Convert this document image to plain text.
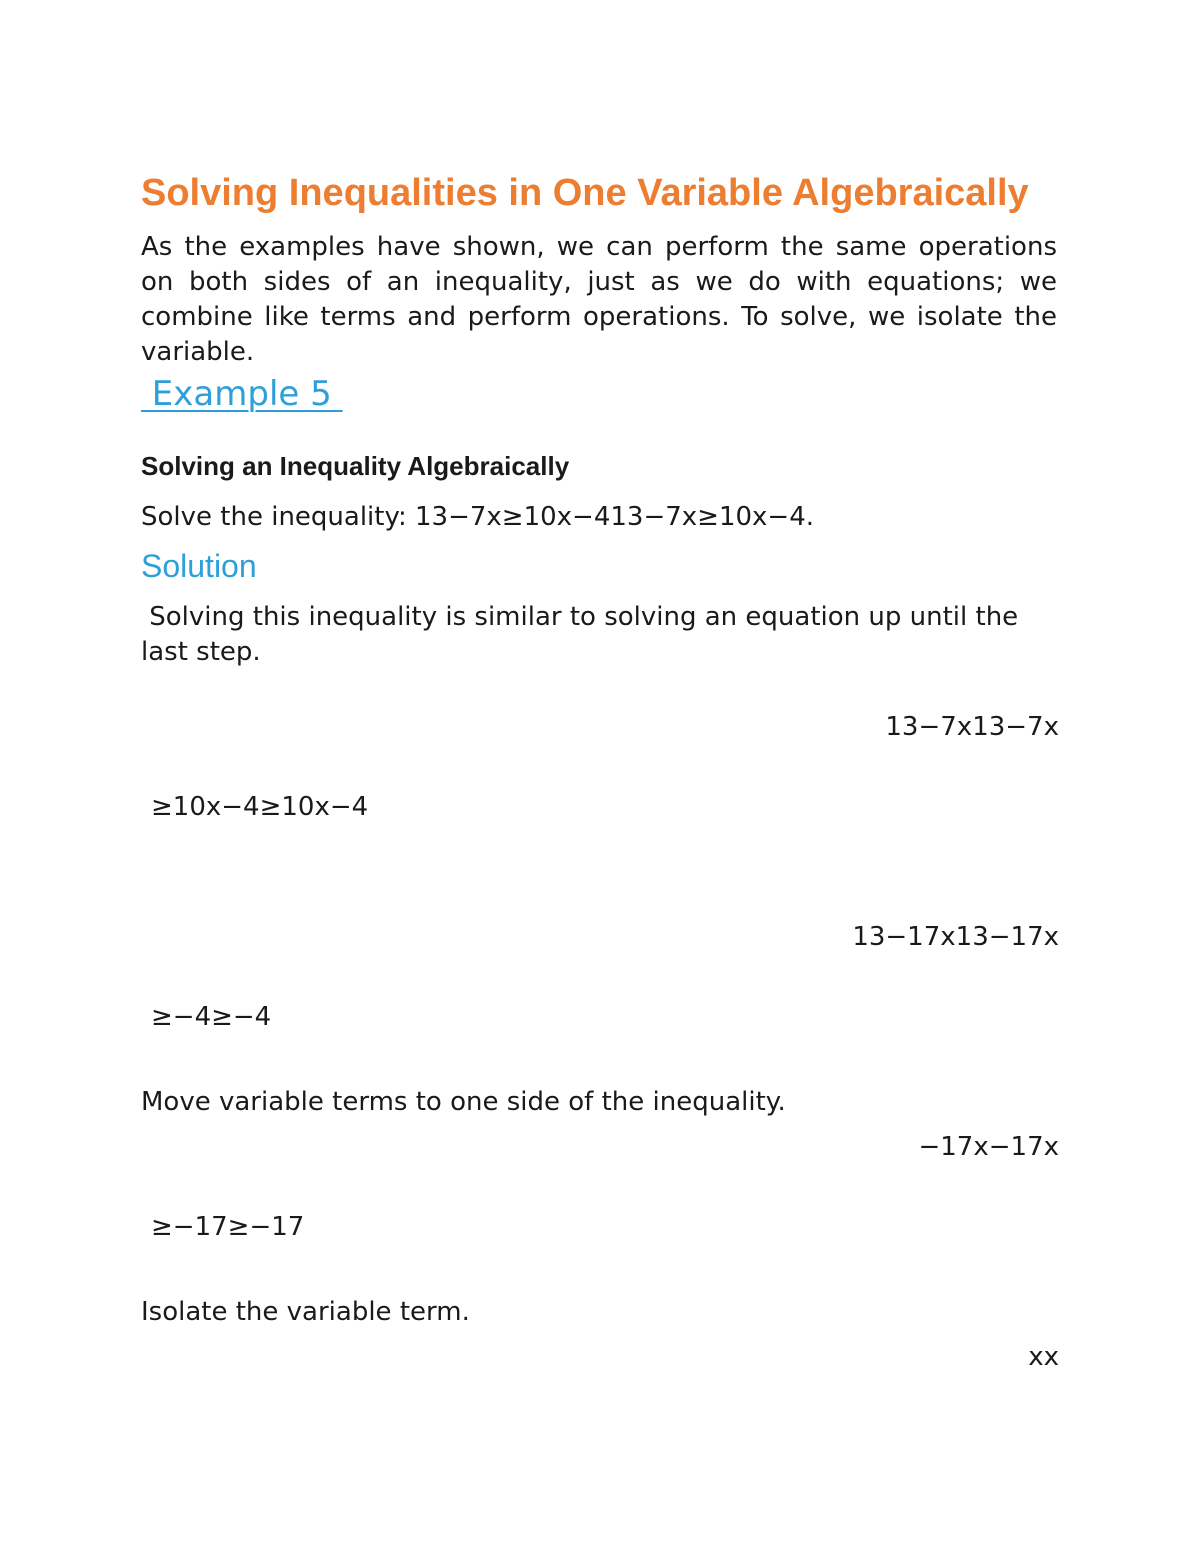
Solving Inequalities in One Variable Algebraically

As the examples have shown, we can perform the same operations on both sides of an inequality, just as we do with equations; we combine like terms and perform operations. To solve, we isolate the variable.

Example 5
Solving an Inequality Algebraically
Solve the inequality: 13−7x≥10x−413−7x≥10x−4.
Solution

Solving this inequality is similar to solving an equation up until the last step.

13−7x13−7x
≥10x−4≥10x−4
13−17x13−17x
≥−4≥−4
Move variable terms to one side of the inequality.
−17x−17x
≥−17≥−17
Isolate the variable term.
xx
